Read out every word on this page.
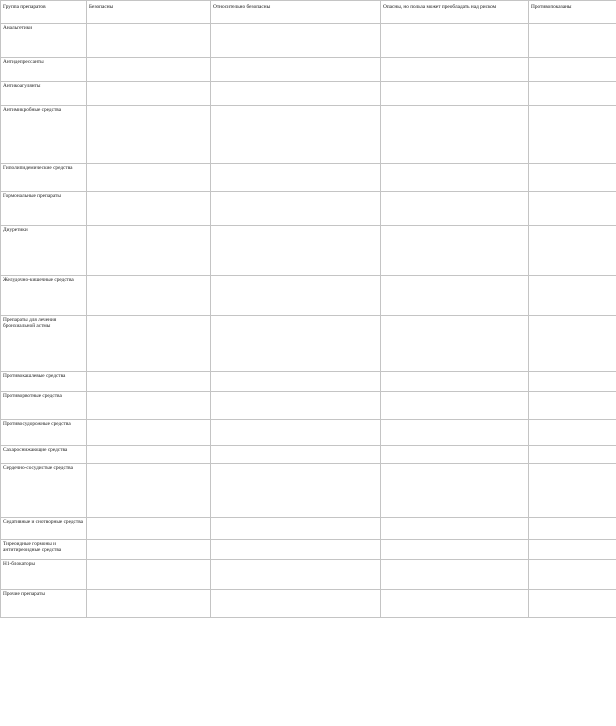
Группа препаратов	Безопасны	Относительно безопасны	Опасны, но польза может преобладать над риском	Противопоказаны
Анальгетики				
Антидепрессанты				
Антикоагулянты				
Антимикробные средства				
Гиполипидемические средства				
Гормональные препараты				
Диуретики				
Желудочно-кишечные средства				
Препараты для лечения бронхиальной астмы				
Противокашлевые средства				
Противорвотные средства				
Противосудорожные средства				
Сахароснижающие средства				
Сердечно-сосудистые средства				
Седативные и снотворные средства				
Тиреоидные гормоны и антитиреоидные средства				
H1-блокаторы				
Прочие препараты				
